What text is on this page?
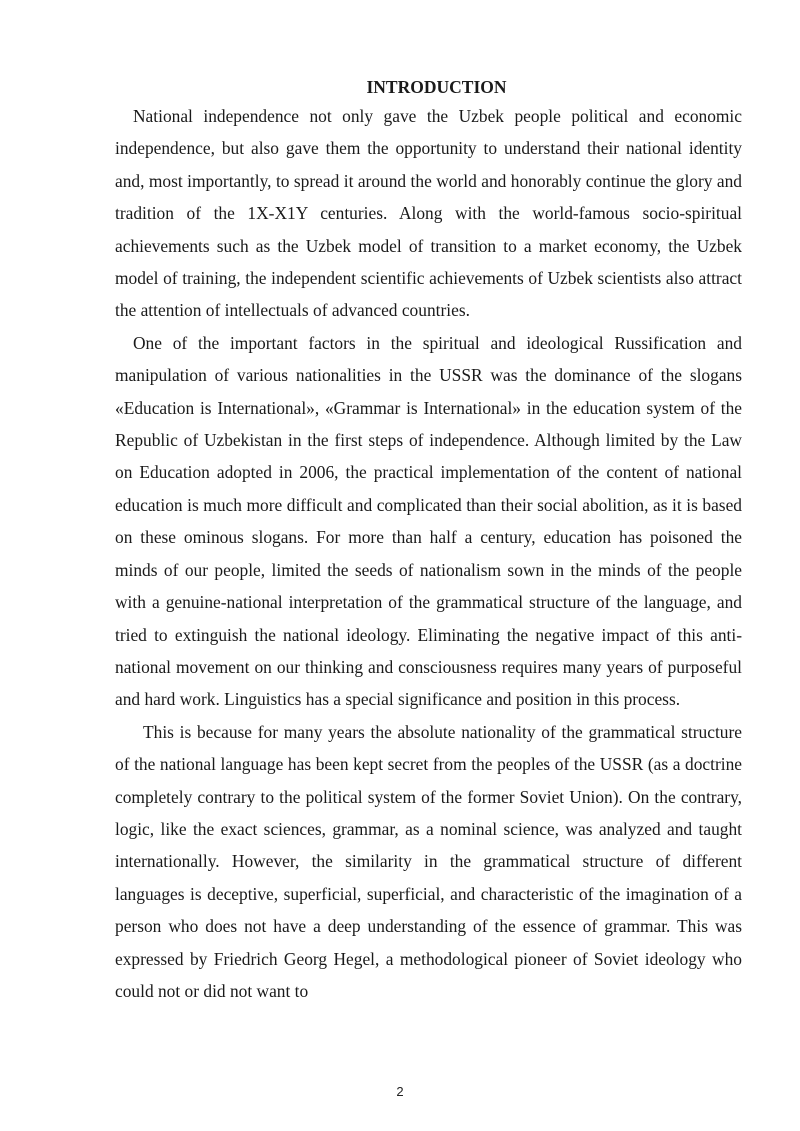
INTRODUCTION

National independence not only gave the Uzbek people political and economic independence, but also gave them the opportunity to understand their national identity and, most importantly, to spread it around the world and honorably continue the glory and tradition of the 1X-X1Y centuries. Along with the world-famous socio-spiritual achievements such as the Uzbek model of transition to a market economy, the Uzbek model of training, the independent scientific achievements of Uzbek scientists also attract the attention of intellectuals of advanced countries.

One of the important factors in the spiritual and ideological Russification and manipulation of various nationalities in the USSR was the dominance of the slogans «Education is International», «Grammar is International» in the education system of the Republic of Uzbekistan in the first steps of independence. Although limited by the Law on Education adopted in 2006, the practical implementation of the content of national education is much more difficult and complicated than their social abolition, as it is based on these ominous slogans. For more than half a century, education has poisoned the minds of our people, limited the seeds of nationalism sown in the minds of the people with a genuine-national interpretation of the grammatical structure of the language, and tried to extinguish the national ideology. Eliminating the negative impact of this anti-national movement on our thinking and consciousness requires many years of purposeful and hard work. Linguistics has a special significance and position in this process.

This is because for many years the absolute nationality of the grammatical structure of the national language has been kept secret from the peoples of the USSR (as a doctrine completely contrary to the political system of the former Soviet Union). On the contrary, logic, like the exact sciences, grammar, as a nominal science, was analyzed and taught internationally. However, the similarity in the grammatical structure of different languages is deceptive, superficial, superficial, and characteristic of the imagination of a person who does not have a deep understanding of the essence of grammar. This was expressed by Friedrich Georg Hegel, a methodological pioneer of Soviet ideology who could not or did not want to

2
